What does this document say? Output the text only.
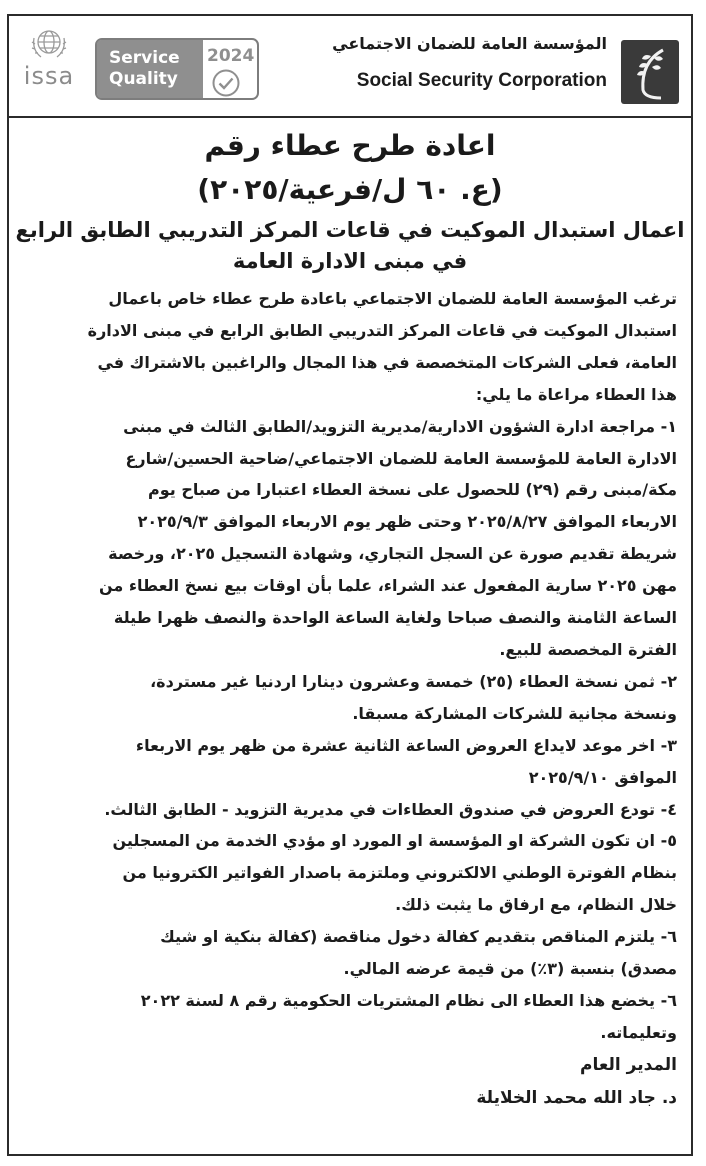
issa
Service
Quality
2024
المؤسسة العامة للضمان الاجتماعي
Social Security Corporation
اعادة طرح عطاء رقم
(ع. ٦٠ ل/فرعية/٢٠٢٥)
اعمال استبدال الموكيت في قاعات المركز التدريبي الطابق الرابع
في مبنى الادارة العامة
ترغب المؤسسة العامة للضمان الاجتماعي باعادة طرح عطاء خاص باعمال
استبدال الموكيت في قاعات المركز التدريبي الطابق الرابع في مبنى الادارة
العامة، فعلى الشركات المتخصصة في هذا المجال والراغبين بالاشتراك في
هذا العطاء مراعاة ما يلي:
١- مراجعة ادارة الشؤون الادارية/مديرية التزويد/الطابق الثالث في مبنى
الادارة العامة للمؤسسة العامة للضمان الاجتماعي/ضاحية الحسين/شارع
مكة/مبنى رقم (٢٩) للحصول على نسخة العطاء اعتبارا من صباح يوم
الاربعاء الموافق ٢٠٢٥/٨/٢٧ وحتى ظهر يوم الاربعاء الموافق ٢٠٢٥/٩/٣
شريطة تقديم صورة عن السجل التجاري، وشهادة التسجيل ٢٠٢٥، ورخصة
مهن ٢٠٢٥ سارية المفعول عند الشراء، علما بأن اوقات بيع نسخ العطاء من
الساعة الثامنة والنصف صباحا ولغاية الساعة الواحدة والنصف ظهرا طيلة
الفترة المخصصة للبيع.
٢- ثمن نسخة العطاء (٢٥) خمسة وعشرون دينارا اردنيا غير مستردة،
ونسخة مجانية للشركات المشاركة مسبقا.
٣- اخر موعد لايداع العروض الساعة الثانية عشرة من ظهر يوم الاربعاء
الموافق ٢٠٢٥/٩/١٠
٤- تودع العروض في صندوق العطاءات في مديرية التزويد - الطابق الثالث.
٥- ان تكون الشركة او المؤسسة او المورد او مؤدي الخدمة من المسجلين
بنظام الفوترة الوطني الالكتروني وملتزمة باصدار الفواتير الكترونيا من
خلال النظام، مع ارفاق ما يثبت ذلك.
٦- يلتزم المناقص بتقديم كفالة دخول مناقصة (كفالة بنكية او شيك
مصدق) بنسبة (٣٪) من قيمة عرضه المالي.
٦- يخضع هذا العطاء الى نظام المشتريات الحكومية رقم ٨ لسنة ٢٠٢٢
وتعليماته.
المدير العام
د. جاد الله محمد الخلايلة
